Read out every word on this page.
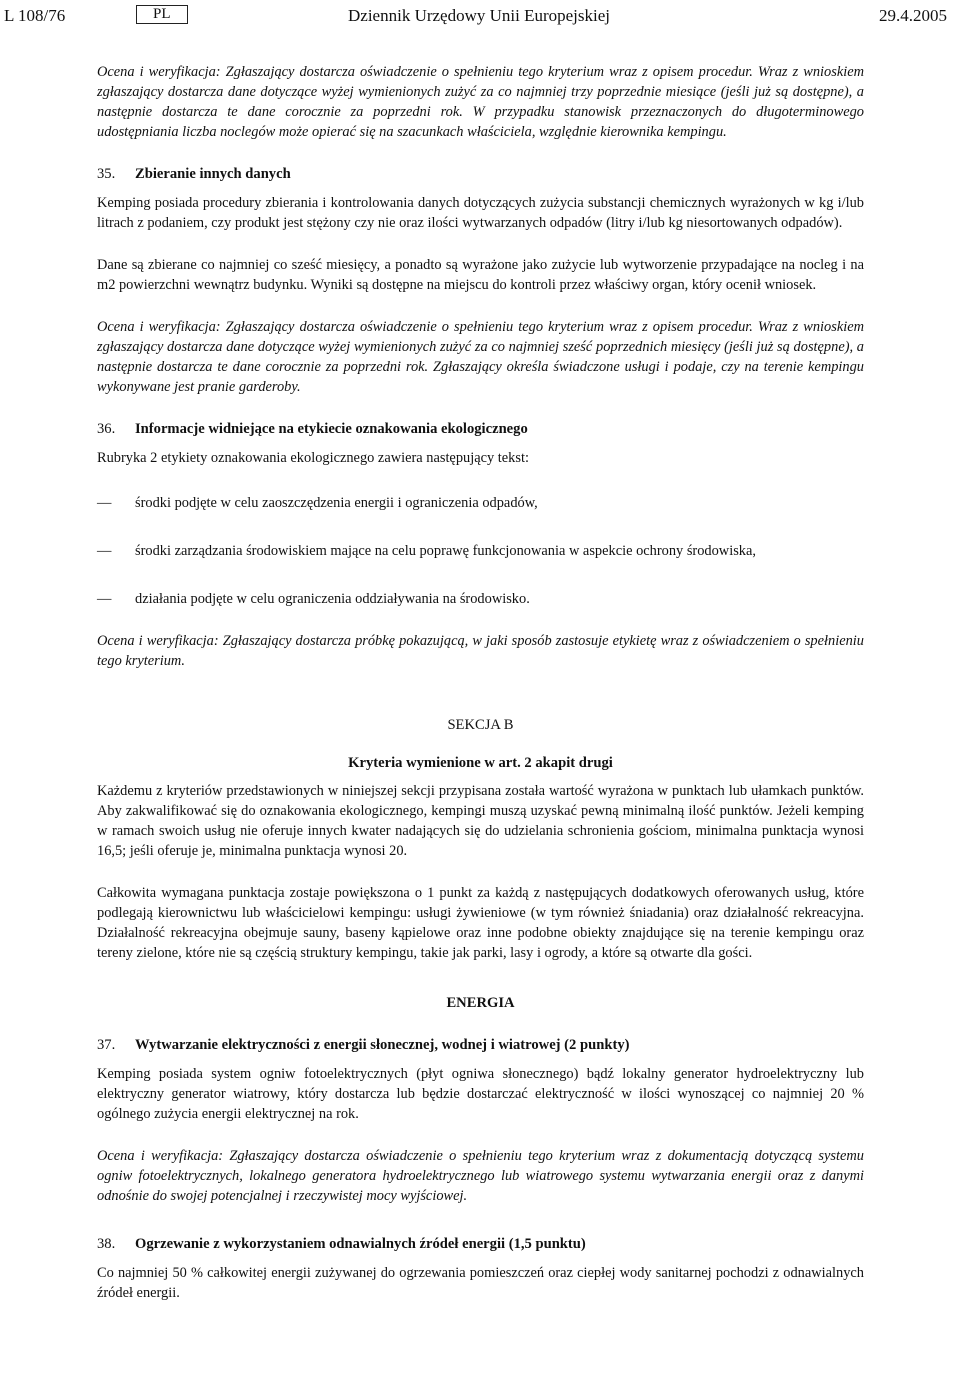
L 108/76	PL	Dziennik Urzędowy Unii Europejskiej	29.4.2005

Ocena i weryfikacja: Zgłaszający dostarcza oświadczenie o spełnieniu tego kryterium wraz z opisem procedur. Wraz z wnioskiem zgłaszający dostarcza dane dotyczące wyżej wymienionych zużyć za co najmniej trzy poprzednie miesiące (jeśli już są dostępne), a następnie dostarcza te dane corocznie za poprzedni rok. W przypadku stanowisk przeznaczonych do długoterminowego udostępniania liczba noclegów może opierać się na szacunkach właściciela, względnie kierownika kempingu.

35.	Zbieranie innych danych

Kemping posiada procedury zbierania i kontrolowania danych dotyczących zużycia substancji chemicznych wyrażonych w kg i/lub litrach z podaniem, czy produkt jest stężony czy nie oraz ilości wytwarzanych odpadów (litry i/lub kg niesortowanych odpadów).

Dane są zbierane co najmniej co sześć miesięcy, a ponadto są wyrażone jako zużycie lub wytworzenie przypadające na nocleg i na m2 powierzchni wewnątrz budynku. Wyniki są dostępne na miejscu do kontroli przez właściwy organ, który ocenił wniosek.

Ocena i weryfikacja: Zgłaszający dostarcza oświadczenie o spełnieniu tego kryterium wraz z opisem procedur. Wraz z wnioskiem zgłaszający dostarcza dane dotyczące wyżej wymienionych zużyć za co najmniej sześć poprzednich miesięcy (jeśli już są dostępne), a następnie dostarcza te dane corocznie za poprzedni rok. Zgłaszający określa świadczone usługi i podaje, czy na terenie kempingu wykonywane jest pranie garderoby.

36.	Informacje widniejące na etykiecie oznakowania ekologicznego

Rubryka 2 etykiety oznakowania ekologicznego zawiera następujący tekst:

—	środki podjęte w celu zaoszczędzenia energii i ograniczenia odpadów,
—	środki zarządzania środowiskiem mające na celu poprawę funkcjonowania w aspekcie ochrony środowiska,
—	działania podjęte w celu ograniczenia oddziaływania na środowisko.

Ocena i weryfikacja: Zgłaszający dostarcza próbkę pokazującą, w jaki sposób zastosuje etykietę wraz z oświadczeniem o spełnieniu tego kryterium.

SEKCJA B
Kryteria wymienione w art. 2 akapit drugi

Każdemu z kryteriów przedstawionych w niniejszej sekcji przypisana została wartość wyrażona w punktach lub ułamkach punktów. Aby zakwalifikować się do oznakowania ekologicznego, kempingi muszą uzyskać pewną minimalną ilość punktów. Jeżeli kemping w ramach swoich usług nie oferuje innych kwater nadających się do udzielania schronienia gościom, minimalna punktacja wynosi 16,5; jeśli oferuje je, minimalna punktacja wynosi 20.

Całkowita wymagana punktacja zostaje powiększona o 1 punkt za każdą z następujących dodatkowych oferowanych usług, które podlegają kierownictwu lub właścicielowi kempingu: usługi żywieniowe (w tym również śniadania) oraz działalność rekreacyjna. Działalność rekreacyjna obejmuje sauny, baseny kąpielowe oraz inne podobne obiekty znajdujące się na terenie kempingu oraz tereny zielone, które nie są częścią struktury kempingu, takie jak parki, lasy i ogrody, a które są otwarte dla gości.

ENERGIA
37.	Wytwarzanie elektryczności z energii słonecznej, wodnej i wiatrowej (2 punkty)

Kemping posiada system ogniw fotoelektrycznych (płyt ogniwa słonecznego) bądź lokalny generator hydroelektryczny lub elektryczny generator wiatrowy, który dostarcza lub będzie dostarczać elektryczność w ilości wynoszącej co najmniej 20 % ogólnego zużycia energii elektrycznej na rok.

Ocena i weryfikacja: Zgłaszający dostarcza oświadczenie o spełnieniu tego kryterium wraz z dokumentacją dotyczącą systemu ogniw fotoelektrycznych, lokalnego generatora hydroelektrycznego lub wiatrowego systemu wytwarzania energii oraz z danymi odnośnie do swojej potencjalnej i rzeczywistej mocy wyjściowej.

38.	Ogrzewanie z wykorzystaniem odnawialnych źródeł energii (1,5 punktu)

Co najmniej 50 % całkowitej energii zużywanej do ogrzewania pomieszczeń oraz ciepłej wody sanitarnej pochodzi z odnawialnych źródeł energii.
